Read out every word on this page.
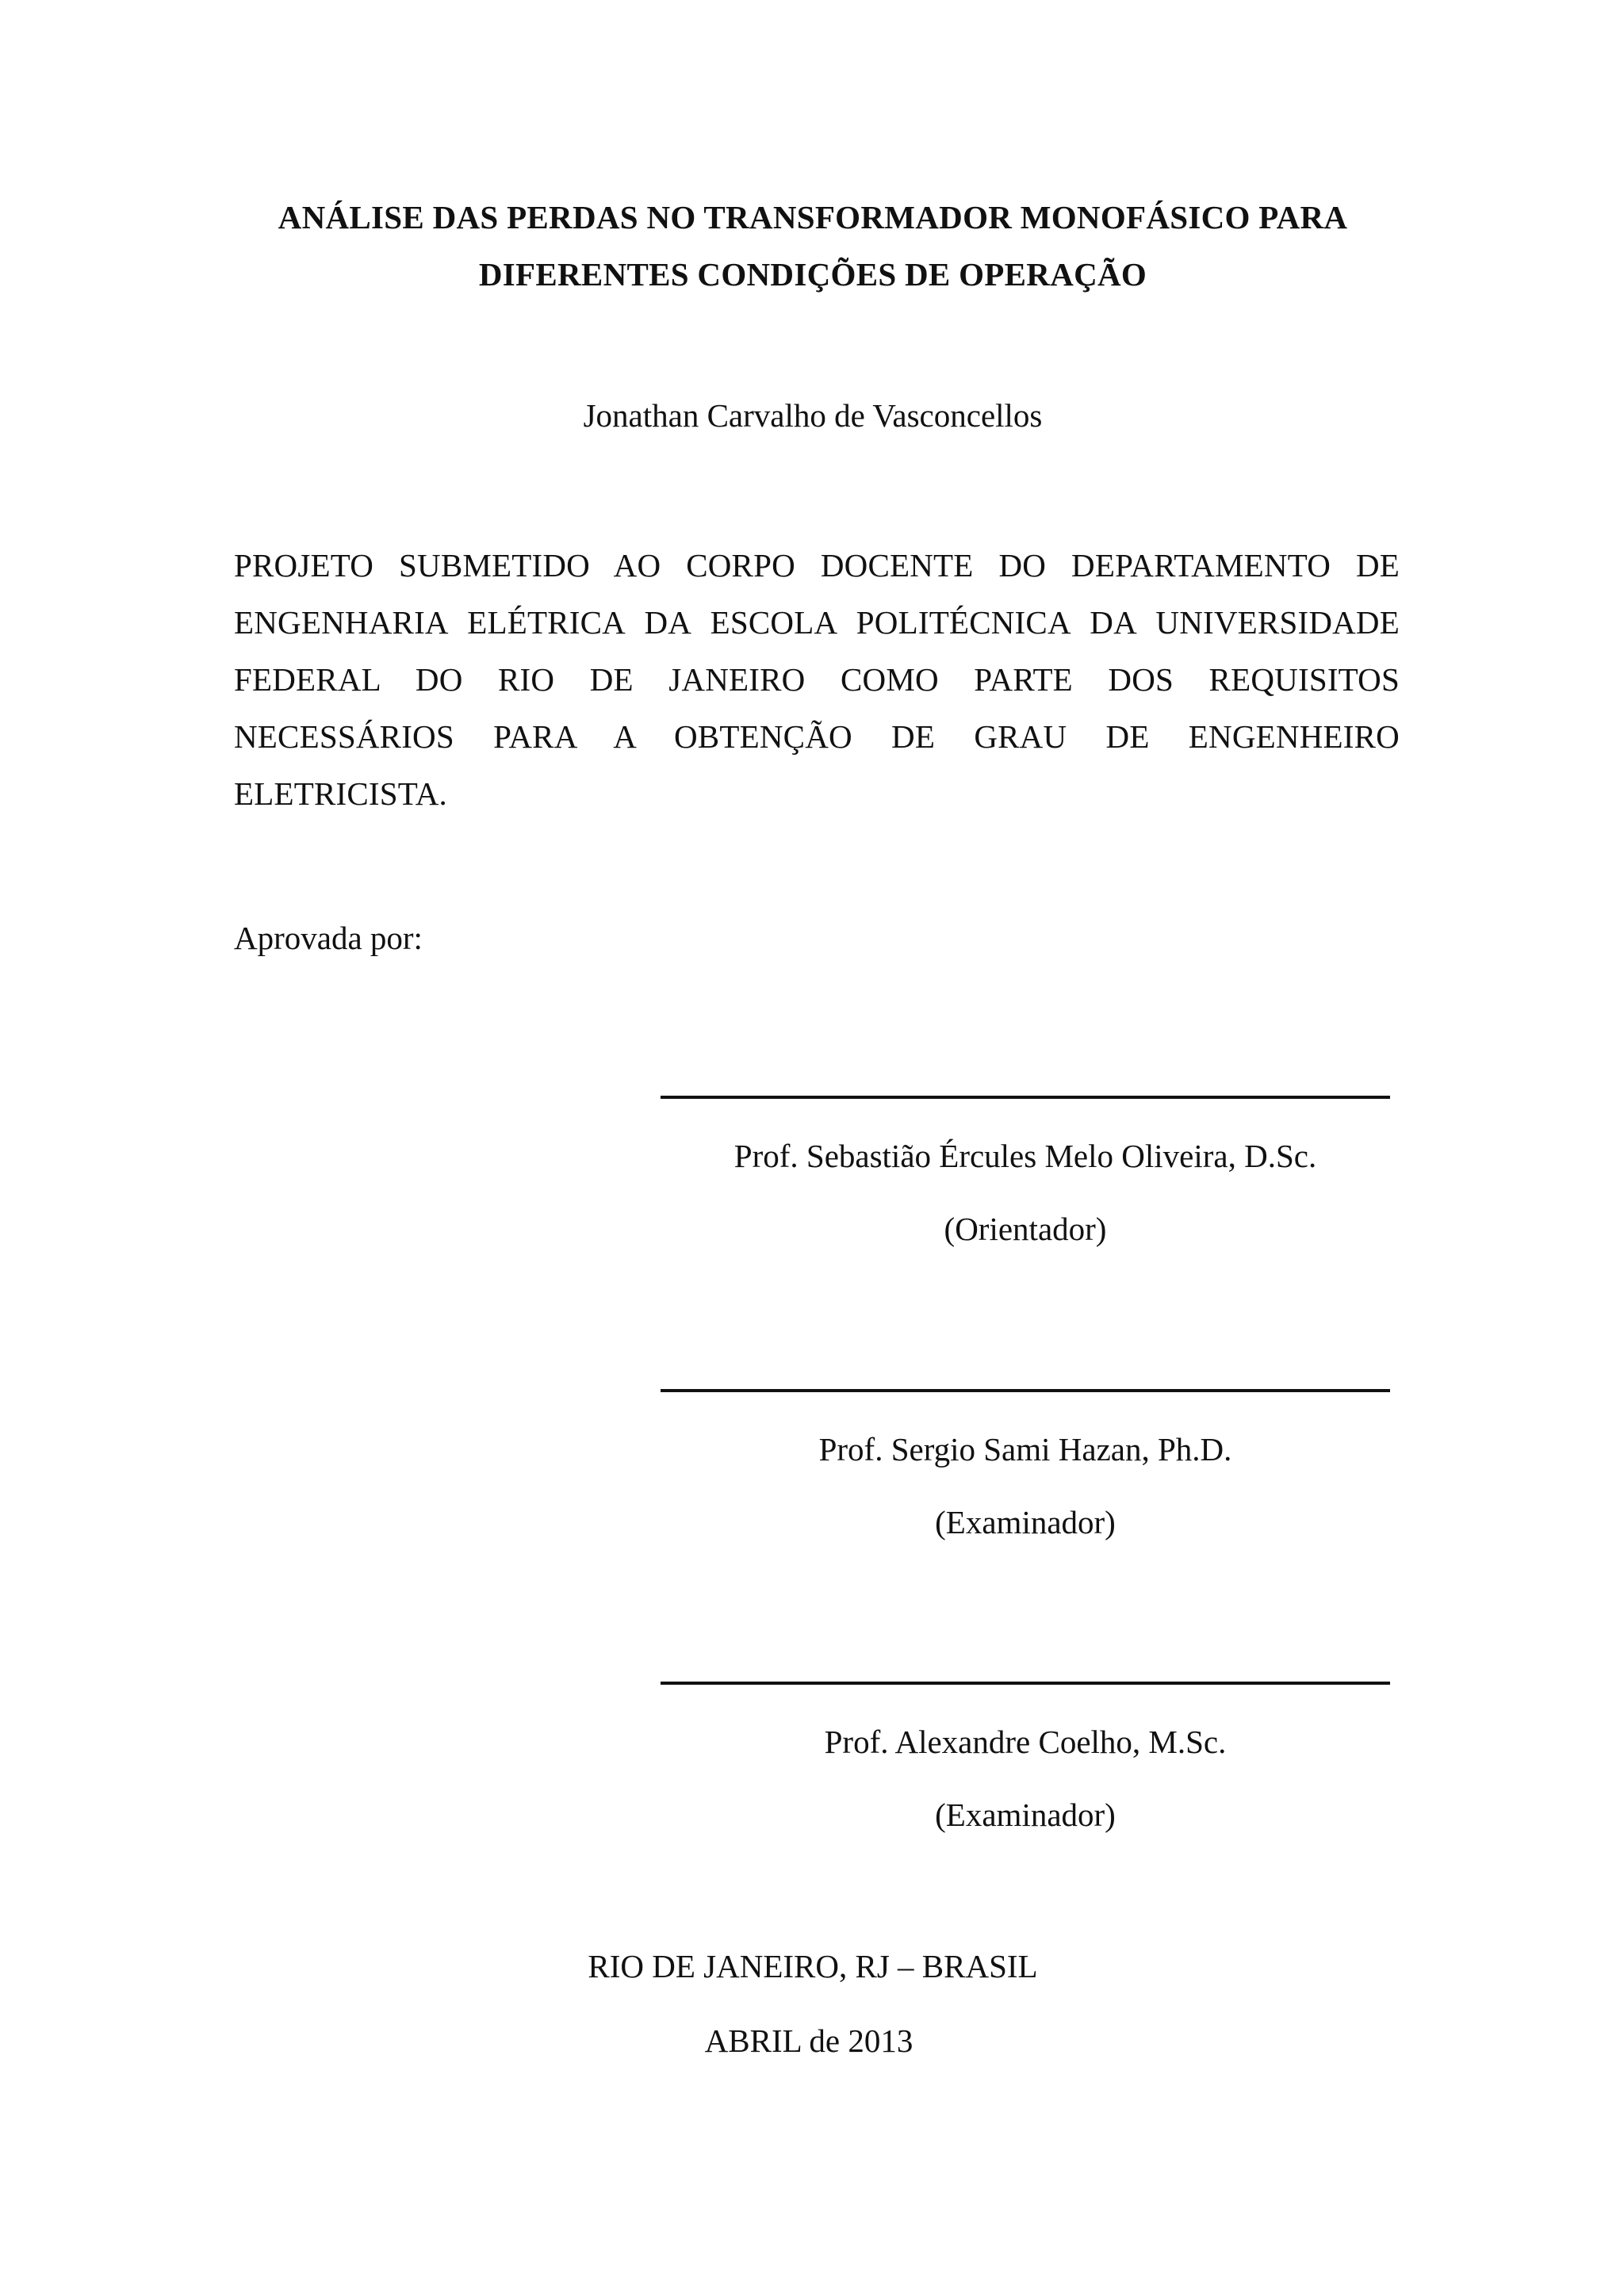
ANÁLISE DAS PERDAS NO TRANSFORMADOR MONOFÁSICO PARA
DIFERENTES CONDIÇÕES DE OPERAÇÃO
Jonathan Carvalho de Vasconcellos
PROJETO SUBMETIDO AO CORPO DOCENTE DO DEPARTAMENTO DE ENGENHARIA ELÉTRICA DA ESCOLA POLITÉCNICA DA UNIVERSIDADE FEDERAL DO RIO DE JANEIRO COMO PARTE DOS REQUISITOS NECESSÁRIOS PARA A OBTENÇÃO DE GRAU DE ENGENHEIRO ELETRICISTA.
Aprovada por:
Prof. Sebastião Ércules Melo Oliveira, D.Sc.
(Orientador)
Prof. Sergio Sami Hazan, Ph.D.
(Examinador)
Prof. Alexandre Coelho, M.Sc.
(Examinador)
RIO DE JANEIRO, RJ – BRASIL
ABRIL de 2013
